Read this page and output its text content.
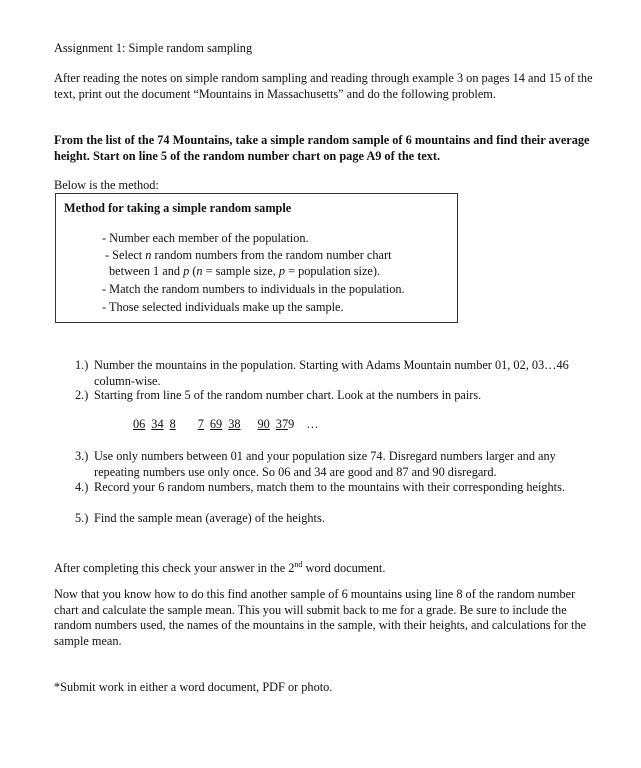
Assignment 1: Simple random sampling

After reading the notes on simple random sampling and reading through example 3 on pages 14 and 15 of the text, print out the document “Mountains in Massachusetts” and do the following problem.

From the list of the 74 Mountains, take a simple random sample of 6 mountains and find their average height. Start on line 5 of the random number chart on page A9 of the text.

Below is the method:

Method for taking a simple random sample

- Number each member of the population.

- Select n random numbers from the random number chart

between 1 and p (n = sample size, p = population size).

- Match the random numbers to individuals in the population.

- Those selected individuals make up the sample.

1.) Number the mountains in the population. Starting with Adams Mountain number 01, 02, 03…46 column-wise.
2.) Starting from line 5 of the random number chart. Look at the numbers in pairs.

06 34 8 7 69 38 90 379 …

3.) Use only numbers between 01 and your population size 74. Disregard numbers larger and any repeating numbers use only once. So 06 and 34 are good and 87 and 90 disregard.
4.) Record your 6 random numbers, match them to the mountains with their corresponding heights.
5.) Find the sample mean (average) of the heights.

After completing this check your answer in the 2nd word document.

Now that you know how to do this find another sample of 6 mountains using line 8 of the random number chart and calculate the sample mean. This you will submit back to me for a grade. Be sure to include the random numbers used, the names of the mountains in the sample, with their heights, and calculations for the sample mean.

*Submit work in either a word document, PDF or photo.
